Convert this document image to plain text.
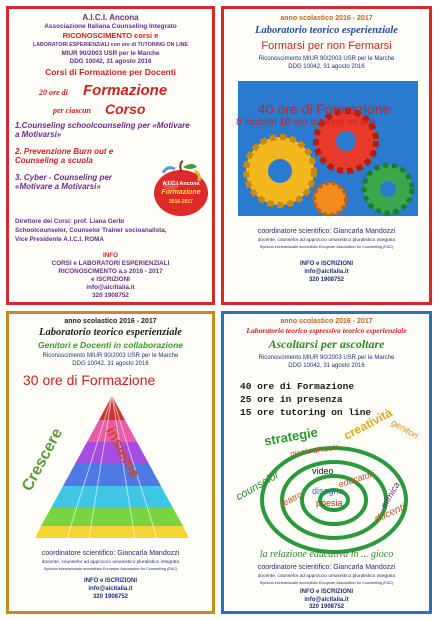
A.I.C.I. Ancona

Associazione Italiana Counseling Integrato

RICONOSCIMENTO corsi e

LABORATORI ESPERIENZIALI con ore di TUTORING ON LINE

MIUR 90/2003 USR per le Marche

DDG 10042, 31 agosto 2016

Corsi di Formazione per Docenti

20 ore di Formazione
per ciascun Corso

1.Counseling schoolcounseling per «Motivare a Motivarsi»

2. Prevenzione Burn out e Counseling a scuola

3. Cyber - Counseling per «Motivare a Motivarsi»	A.I.C.I Ancona
Formazione
2016-2017

Direttore dei Corsi: prof. Liana Gerbi

Schoolcounselor, Counselor Trainer socioanalista,

Vice Presidente A.I.C.I. ROMA

INFO

CORSI e LABORATORI ESPERIENZIALI

RICONOSCIMENTO a.s 2016 - 2017

e ISCRIZIONI

info@aiciltalia.it

320 1908752

anno scolastico 2016 - 2017

Laboratorio teorico esperienziale

Formarsi per non Fermarsi

Riconoscimento MIUR 90/2003 USR per le Marche

DDG 10042, 31 agosto 2016

40 ore di Formazione

8 incontri 16 ore tutoring on line

coordinatore scientifico: Giancarla Mandozzi

docente, counselor ad approccio umanistico pluralistico integrato

Diploma internazionale accreditato European Association for Counselling (EAC)

INFO e ISCRIZIONI

info@aicitalia.it

320 1908752

anno scolastico 2016 - 2017

Laboratorio teorico esperienziale

Genitori e Docenti in collaborazione

Riconoscimento MIUR 90/2003 USR per le Marche

DDG 10042, 31 agosto 2016

30 ore di Formazione

Crescere insieme

coordinatore scientifico: Giancarla Mandozzi

docente, counselor ad approccio umanistico pluralistico integrato

Diploma internazionale accreditato European Association for Counselling (EAC)

INFO e ISCRIZIONI

info@aicitalia.it

320 1908752

anno scolastico 2016 - 2017

Laboratorio teorico espressivo teorico esperienziale

Ascoltarsi per ascoltare

Riconoscimento MIUR 90/2003 USR per le Marche

DDG 10042, 31 agosto 2016

40 ore di Formazione

25 ore in presenza

15 ore tutoring on line

strategie creatività
genitori
giochi di ruolo
counselor	video educatori
teatro disegno	mimica
poesia	docenti

la relazione educativa in ... gioco

coordinatore scientifico: Giancarla Mandozzi

docente, counselor ad approccio umanistico pluralistico integrato

Diploma internazionale accreditato European Association for Counselling (EAC)

INFO e ISCRIZIONI

info@aicitalia.it

320 1908752
